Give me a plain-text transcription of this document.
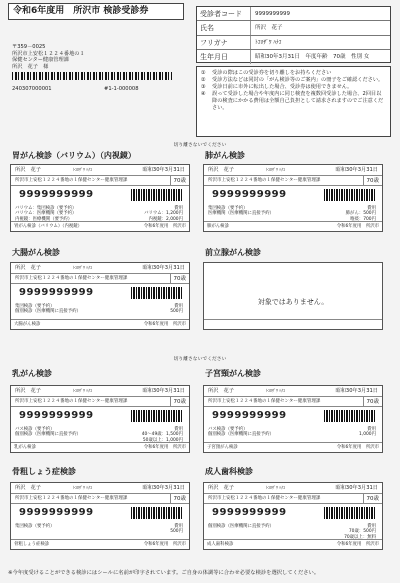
令和6年度用　 所沢市 検診受診券
〒359－0025
所沢市上安松１２２４番地の１
保健センター健康管理課
所沢　花子　様
240307000001	#1-1-000008
受診者コード	9999999999
氏名	所沢　花子
フリガナ	ﾄｺﾛｻﾞﾜ ﾊﾅｺ
生年月日	昭和30年3月31日　年度年齢　70歳　性別 女
①	受診の際はこの受診券を切り離しをお持ちください
②	受診方法などは同封の「がん検診等のご案内」の冊子をご確認ください。
③	受診日前に市外に転出した場合、受診券は使用できません。
④	誤って受診した場合や年度内に同じ検査を複数回受診した場合、2回目以降の検査にかかる費用は全額自己負担として請求されますのでご注意ください。
切り離さないでください
胃がん検診（バリウム）（内視鏡）	肺がん検診
所沢　花子	ﾄｺﾛｻﾞﾜ ﾊﾅｺ	昭和30年3月31日
所沢市上安松１２２４番地の１保健センター健康管理課	70歳
9999999999
バリウム：集団検診（要予約）
バリウム：医療機関（要予約）
内視鏡：医療機関（要予約）
費用
バリウム：1,200円
内視鏡：2,000円
胃がん検診（バリウム）（内視鏡）	令和6年度用　所沢市
所沢　花子	ﾄｺﾛｻﾞﾜ ﾊﾅｺ	昭和30年3月31日
所沢市上安松１２２４番地の１保健センター健康管理課	70歳
9999999999
集団検診（要予約）
医療機関（医療機関に直接予約）
費用
肺がん：500円
喀痰：700円
肺がん検診	令和6年度用　所沢市
大腸がん検診	前立腺がん検診
所沢　花子	ﾄｺﾛｻﾞﾜ ﾊﾅｺ	昭和30年3月31日
所沢市上安松１２２４番地の１保健センター健康管理課	70歳
9999999999
集団検診（要予約）
個別検診（医療機関に直接予約）
費用
500円
大腸がん検診	令和6年度用　所沢市
対象ではありません。
切り離さないでください
乳がん検診	子宮頸がん検診
所沢　花子	ﾄｺﾛｻﾞﾜ ﾊﾅｺ	昭和30年3月31日
所沢市上安松１２２４番地の１保健センター健康管理課	70歳
9999999999
バス検診（要予約）
個別検診（医療機関に直接予約）
費用
40～49歳：1,500円
50歳以上：1,000円
乳がん検診	令和6年度用　所沢市
所沢　花子	ﾄｺﾛｻﾞﾜ ﾊﾅｺ	昭和30年3月31日
所沢市上安松１２２４番地の１保健センター健康管理課	70歳
9999999999
バス検診（要予約）
個別検診（医療機関に直接予約）
費用
1,000円
子宮頸がん検診	令和6年度用　所沢市
骨粗しょう症検診	成人歯科検診
所沢　花子	ﾄｺﾛｻﾞﾜ ﾊﾅｺ	昭和30年3月31日
所沢市上安松１２２４番地の１保健センター健康管理課	70歳
9999999999
集団検診（要予約）	費用
500円
骨粗しょう症検診	令和6年度用　所沢市
所沢　花子	ﾄｺﾛｻﾞﾜ ﾊﾅｺ	昭和30年3月31日
所沢市上安松１２２４番地の１保健センター健康管理課	70歳
9999999999
個別検診（医療機関に直接予約）	費用
70歳：500円
70歳以上：無料
成人歯科検診	令和6年度用　所沢市
※今年度受けることができる検診にはシールに名前が印字されています。ご自身の体調等に合わせ必要な検診を選択してください。
